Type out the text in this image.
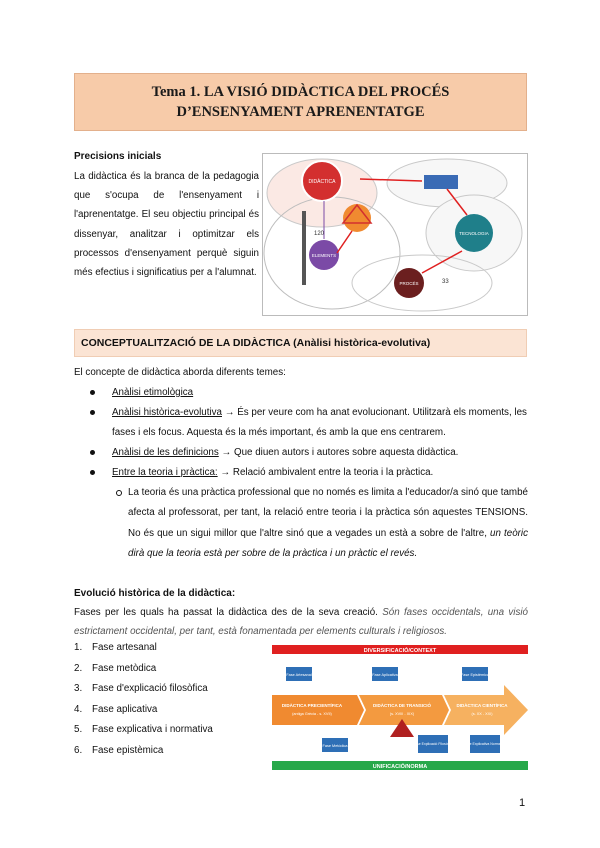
Tema 1. LA VISIÓ DIDÀCTICA DEL PROCÉS D’ENSENYAMENT APRENENTATGE
Precisions inicials

La didàctica és la branca de la pedagogia que s'ocupa de l'ensenyament i l'aprenentatge. El seu objectiu principal és dissenyar, analitzar i optimitzar els processos d'ensenyament perquè siguin més efectius i significatius per a l'alumnat.

DIDÀCTICA
ELEMENTS
TECNOLOGIA
PROCÉS
120
33
CONCEPTUALITZACIÓ DE LA DIDÀCTICA (Anàlisi històrica-evolutiva)
El concepte de didàctica aborda diferents temes:
Anàlisi etimològica
Anàlisi històrica-evolutiva → És per veure com ha anat evolucionant. Utilitzarà els moments, les fases i els focus. Aquesta és la més important, és amb la que ens centrarem.
Anàlisi de les definicions → Que diuen autors i autores sobre aquesta didàctica.
Entre la teoria i pràctica: → Relació ambivalent entre la teoria i la pràctica.

La teoria és una pràctica professional que no només es limita a l'educador/a sinó que també afecta al professorat, per tant, la relació entre teoria i la pràctica són aquestes TENSIONS. No és que un sigui millor que l'altre sinó que a vegades un està a sobre de l'altre, un teòric dirà que la teoria està per sobre de la pràctica i un pràctic el revés.

Evolució històrica de la didàctica:

Fases per les quals ha passat la didàctica des de la seva creació. Són fases occidentals, una visió estrictament occidental, per tant, està fonamentada per elements culturals i religiosos.

1.	Fase artesanal
2.	Fase metòdica
3.	Fase d'explicació filosòfica
4.	Fase aplicativa
5.	Fase explicativa i normativa
6.	Fase epistèmica
DIVERSIFICACIÓ/CONTEXT
UNIFICACIÓ/NORMA
DIDÀCTICA PRECIENTÍFICA
(antiga Grècia - s. XVII)
DIDÀCTICA DE TRANSICIÓ
(s. XVIII - XIX)
DIDÀCTICA CIENTÍFICA
(s. XX - XXI)
Fase Artesanal	Fase Aplicativa	Fase Epistèmica
Fase Metòdica	Fase Explicació Filosòfica	Fase Explicativa Normativa
1
